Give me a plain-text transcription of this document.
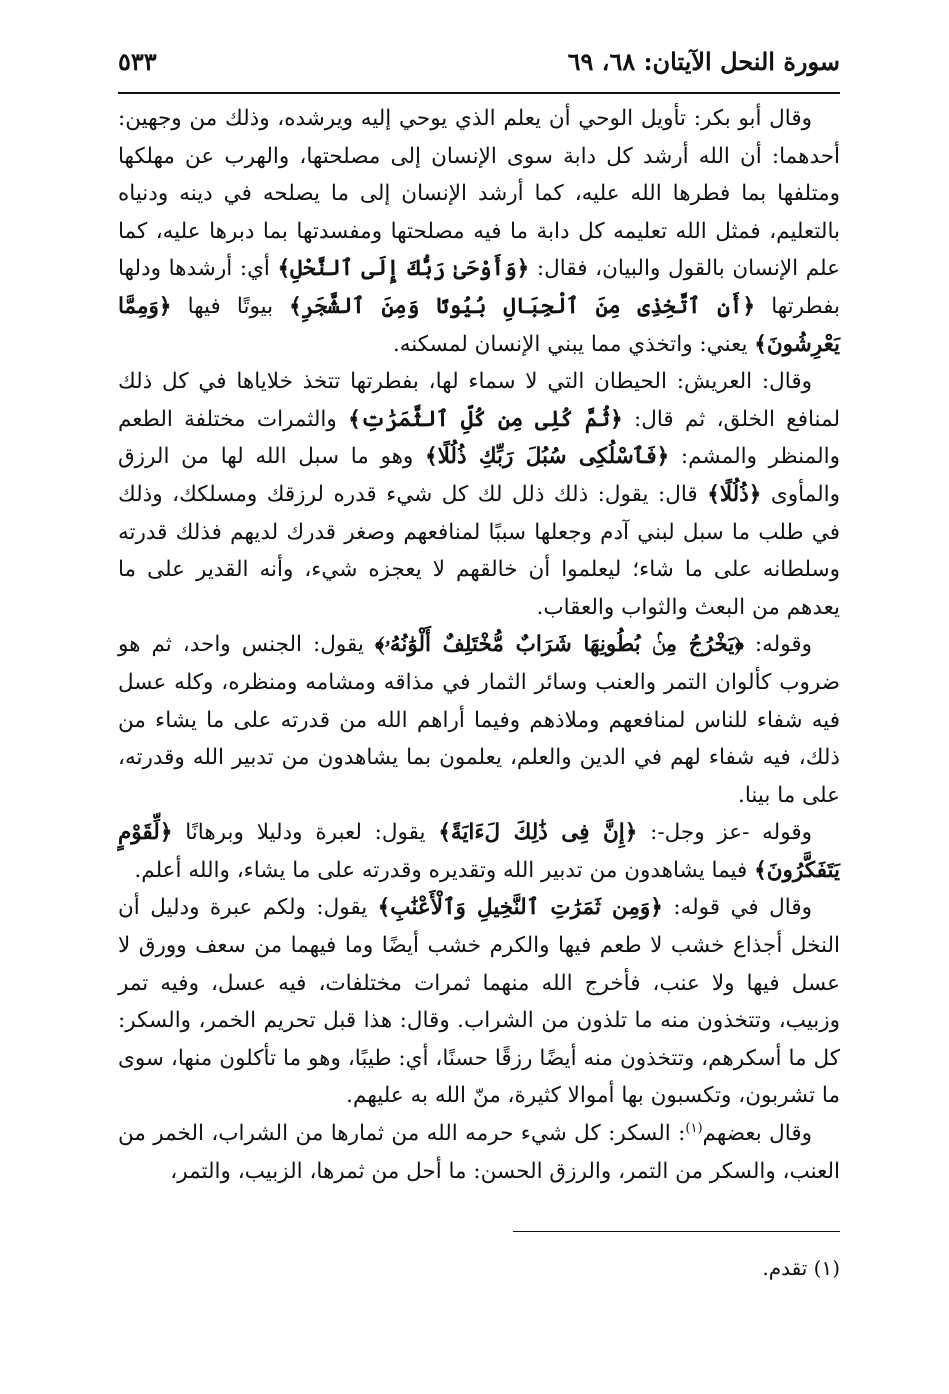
سورة النحل الآيتان: ٦٨، ٦٩
٥٣٣

وقال أبو بكر: تأويل الوحي أن يعلم الذي يوحي إليه ويرشده، وذلك من وجهين: أحدهما: أن الله أرشد كل دابة سوى الإنسان إلى مصلحتها، والهرب عن مهلكها ومتلفها بما فطرها الله عليه، كما أرشد الإنسان إلى ما يصلحه في دينه ودنياه بالتعليم، فمثل الله تعليمه كل دابة ما فيه مصلحتها ومفسدتها بما دبرها عليه، كما علم الإنسان بالقول والبيان، فقال: ﴿وَأَوْحَىٰ رَبُّكَ إِلَى ٱلنَّحْلِ﴾ أي: أرشدها ودلها بفطرتها ﴿أَنِ ٱتَّخِذِى مِنَ ٱلْجِبَالِ بُيُوتًا وَمِنَ ٱلشَّجَرِ﴾ بيوتًا فيها ﴿وَمِمَّا يَعْرِشُونَ﴾ يعني: واتخذي مما يبني الإنسان لمسكنه.

وقال: العريش: الحيطان التي لا سماء لها، بفطرتها تتخذ خلاياها في كل ذلك لمنافع الخلق، ثم قال: ﴿ثُمَّ كُلِى مِن كُلِّ ٱلثَّمَرَٰتِ﴾ والثمرات مختلفة الطعم والمنظر والمشم: ﴿فَٱسْلُكِى سُبُلَ رَبِّكِ ذُلُلًا﴾ وهو ما سبل الله لها من الرزق والمأوى ﴿ذُلُلًا﴾ قال: يقول: ذلك ذلل لك كل شيء قدره لرزقك ومسلكك، وذلك في طلب ما سبل لبني آدم وجعلها سببًا لمنافعهم وصغر قدرك لديهم فذلك قدرته وسلطانه على ما شاء؛ ليعلموا أن خالقهم لا يعجزه شيء، وأنه القدير على ما يعدهم من البعث والثواب والعقاب.

وقوله: ﴿يَخْرُجُ مِنۢ بُطُونِهَا شَرَابٌ مُّخْتَلِفٌ أَلْوَٰنُهُۥ﴾ يقول: الجنس واحد، ثم هو ضروب كألوان التمر والعنب وسائر الثمار في مذاقه ومشامه ومنظره، وكله عسل فيه شفاء للناس لمنافعهم وملاذهم وفيما أراهم الله من قدرته على ما يشاء من ذلك، فيه شفاء لهم في الدين والعلم، يعلمون بما يشاهدون من تدبير الله وقدرته، على ما بينا.

وقوله -عز وجل-: ﴿إِنَّ فِى ذَٰلِكَ لَءَايَةً﴾ يقول: لعبرة ودليلا وبرهانًا ﴿لِّقَوْمٍ يَتَفَكَّرُونَ﴾ فيما يشاهدون من تدبير الله وتقديره وقدرته على ما يشاء، والله أعلم.

وقال في قوله: ﴿وَمِن ثَمَرَٰتِ ٱلنَّخِيلِ وَٱلْأَعْنَٰبِ﴾ يقول: ولكم عبرة ودليل أن النخل أجذاع خشب لا طعم فيها والكرم خشب أيضًا وما فيهما من سعف وورق لا عسل فيها ولا عنب، فأخرج الله منهما ثمرات مختلفات، فيه عسل، وفيه تمر وزبيب، وتتخذون منه ما تلذون من الشراب. وقال: هذا قبل تحريم الخمر، والسكر: كل ما أسكرهم، وتتخذون منه أيضًا رزقًا حسنًا، أي: طيبًا، وهو ما تأكلون منها، سوى ما تشربون، وتكسبون بها أموالا كثيرة، منّ الله به عليهم.

وقال بعضهم$^{(١)}$: السكر: كل شيء حرمه الله من ثمارها من الشراب، الخمر من العنب، والسكر من التمر، والرزق الحسن: ما أحل من ثمرها، الزبيب، والتمر،

(١) تقدم.
